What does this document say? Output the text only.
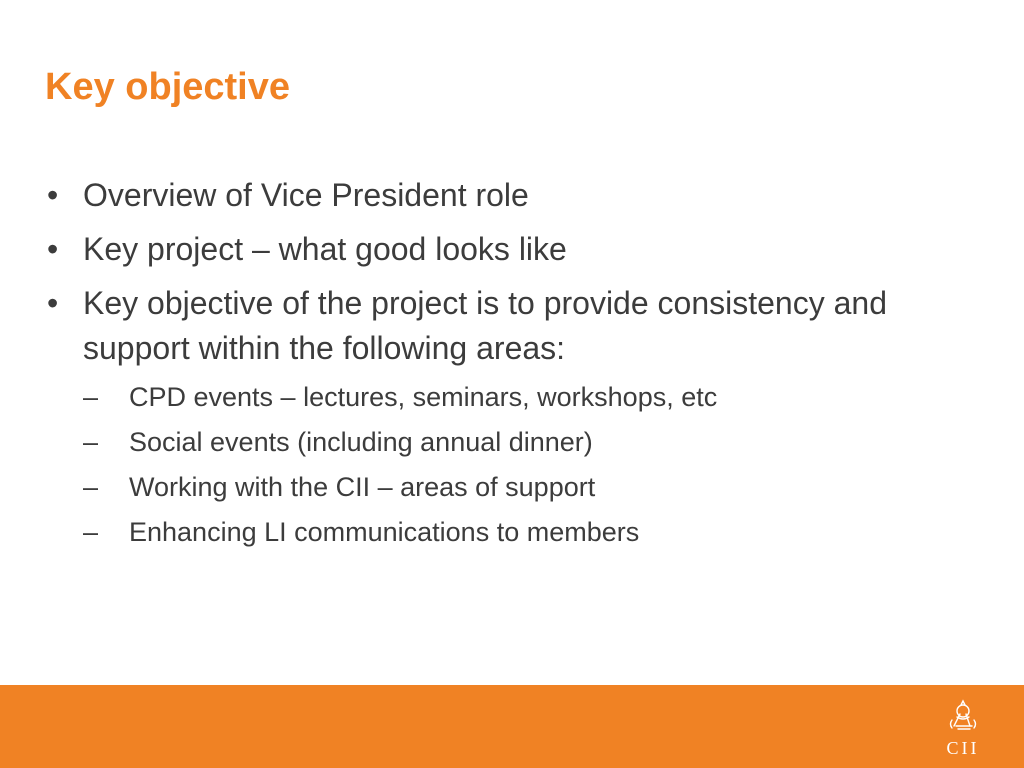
Key objective
• Overview of Vice President role
• Key project – what good looks like
• Key objective of the project is to provide consistency and support within the following areas:
– CPD events – lectures, seminars, workshops, etc
– Social events (including annual dinner)
– Working with the CII – areas of support
– Enhancing LI communications to members
CII
